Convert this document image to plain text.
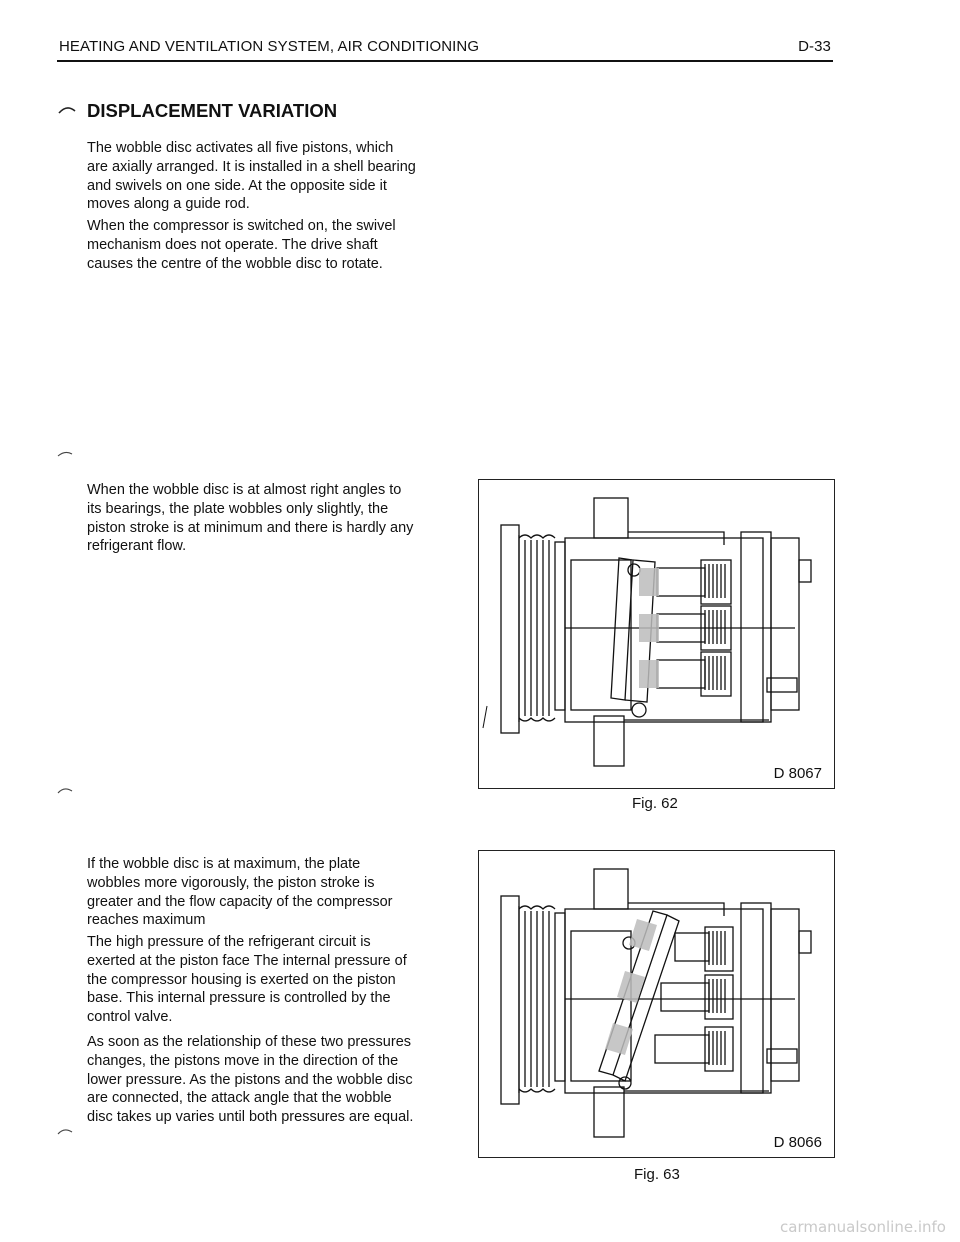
HEATING AND VENTILATION SYSTEM, AIR CONDITIONING	D-33
DISPLACEMENT VARIATION

The wobble disc activates all five pistons, which are axially arranged. It is installed in a shell bearing and swivels on one side. At the opposite side it moves along a guide rod.

When the compressor is switched on, the swivel mechanism does not operate. The drive shaft causes the centre of the wobble disc to rotate.

When the wobble disc is at almost right angles to its bearings, the plate wobbles only slightly, the piston stroke is at minimum and there is hardly any refrigerant flow.

If the wobble disc is at maximum, the plate wobbles more vigorously, the piston stroke is greater and the flow capacity of the compressor reaches maximum

The high pressure of the refrigerant circuit is exerted at the piston face The internal pressure of the compressor housing is exerted on the piston base. This internal pressure is controlled by the control valve.

As soon as the relationship of these two pressures changes, the pistons move in the direction of the lower pressure. As the pistons and the wobble disc are connected, the attack angle that the wobble disc takes up varies until both pressures are equal.

D 8067
Fig. 62
D 8066
Fig. 63
carmanualsonline.info
